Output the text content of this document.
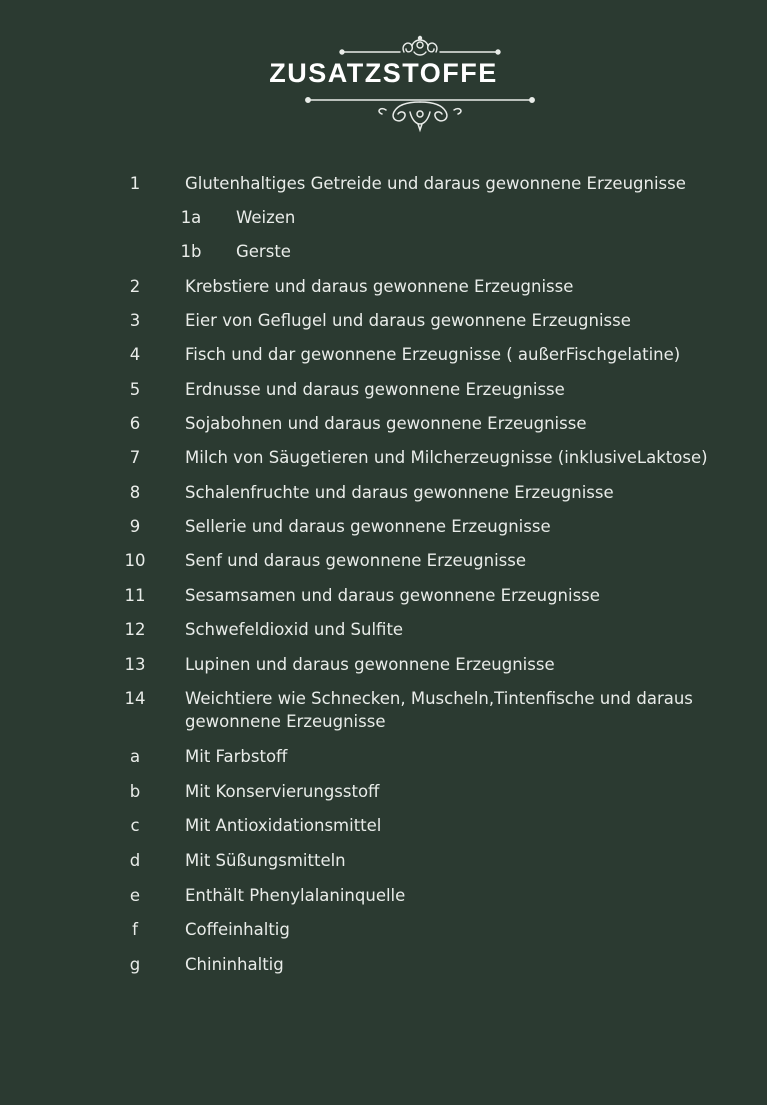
ZUSATZSTOFFE
1	Glutenhaltiges Getreide und daraus gewonnene Erzeugnisse
1a	Weizen
1b	Gerste
2	Krebstiere und daraus gewonnene Erzeugnisse
3	Eier von Geflugel und daraus gewonnene Erzeugnisse
4	Fisch und dar gewonnene Erzeugnisse ( außerFischgelatine)
5	Erdnusse und daraus gewonnene Erzeugnisse
6	Sojabohnen und daraus gewonnene Erzeugnisse
7	Milch von Säugetieren und Milcherzeugnisse (inklusiveLaktose)
8	Schalenfruchte und daraus gewonnene Erzeugnisse
9	Sellerie und daraus gewonnene Erzeugnisse
10	Senf und daraus gewonnene Erzeugnisse
11	Sesamsamen und daraus gewonnene Erzeugnisse
12	Schwefeldioxid und Sulfite
13	Lupinen und daraus gewonnene Erzeugnisse
14	Weichtiere wie Schnecken, Muscheln,Tintenfische und daraus gewonnene Erzeugnisse
a	Mit Farbstoff
b	Mit Konservierungsstoff
c	Mit Antioxidationsmittel
d	Mit Süßungsmitteln
e	Enthält Phenylalaninquelle
f	Coffeinhaltig
g	Chininhaltig
